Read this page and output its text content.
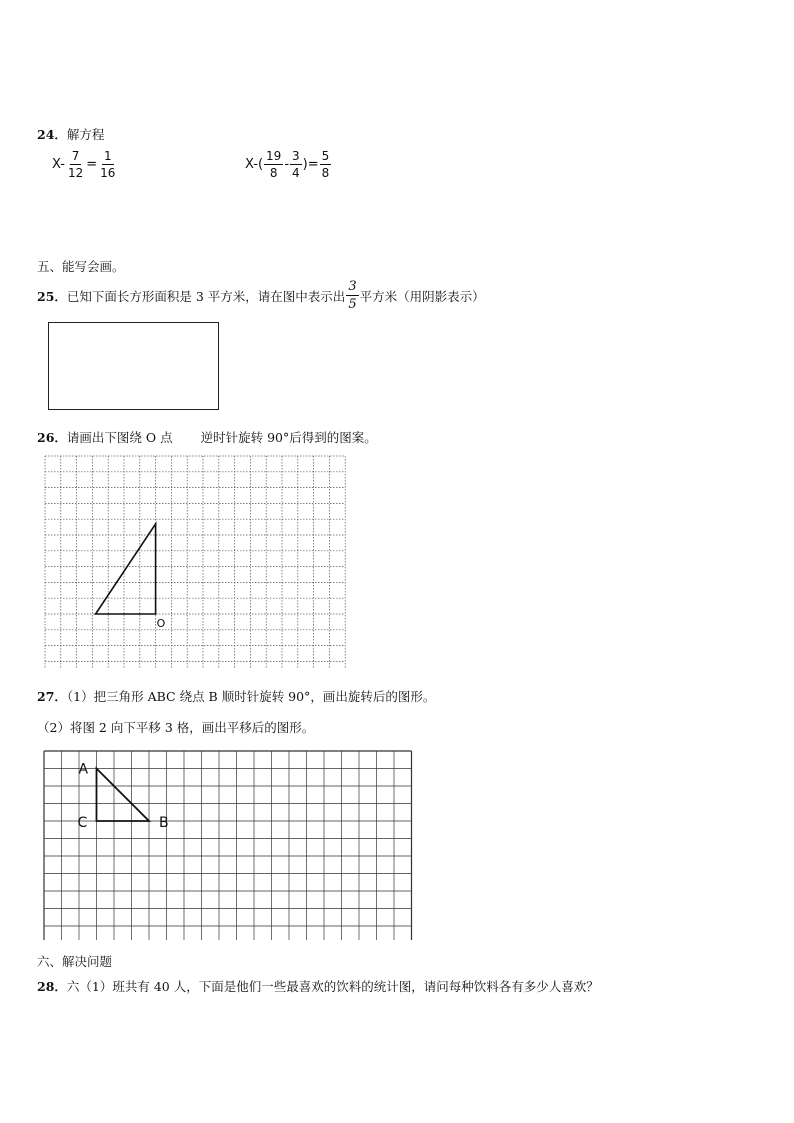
24．解方程
$X- \frac{7}{12} = \frac{1}{16}$	$X-( \frac{19}{8} - \frac{3}{4}$ )= $\frac{5}{8}$
五、能写会画。
25． 已知下面长方形面积是 3 平方米，请在图中表示出 $\frac{3}{5}$ 平方米（用阴影表示）
26．请画出下图绕 O 点 逆时针旋转 90°后得到的图案。
O
27．（1）把三角形 ABC 绕点 B 顺时针旋转 90°，画出旋转后的图形。
（2）将图 2 向下平移 3 格，画出平移后的图形。
A
C	B
六、解决问题
28．六（1）班共有 40 人，下面是他们一些最喜欢的饮料的统计图，请问每种饮料各有多少人喜欢？
